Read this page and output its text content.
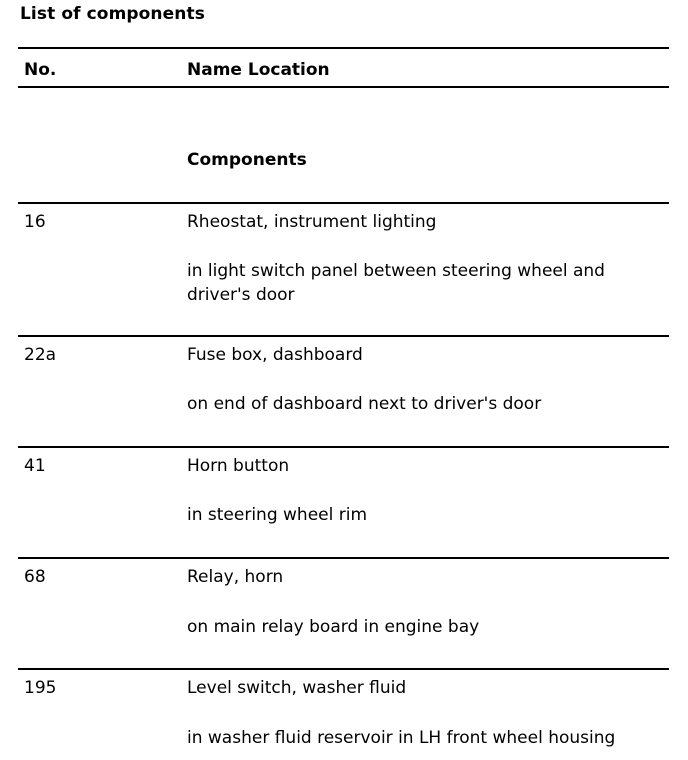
List of components
No.	Name Location
Components
16	Rheostat, instrument lighting
in light switch panel between steering wheel and driver's door
22a	Fuse box, dashboard
on end of dashboard next to driver's door
41	Horn button
in steering wheel rim
68	Relay, horn
on main relay board in engine bay
195	Level switch, washer fluid
in washer fluid reservoir in LH front wheel housing
